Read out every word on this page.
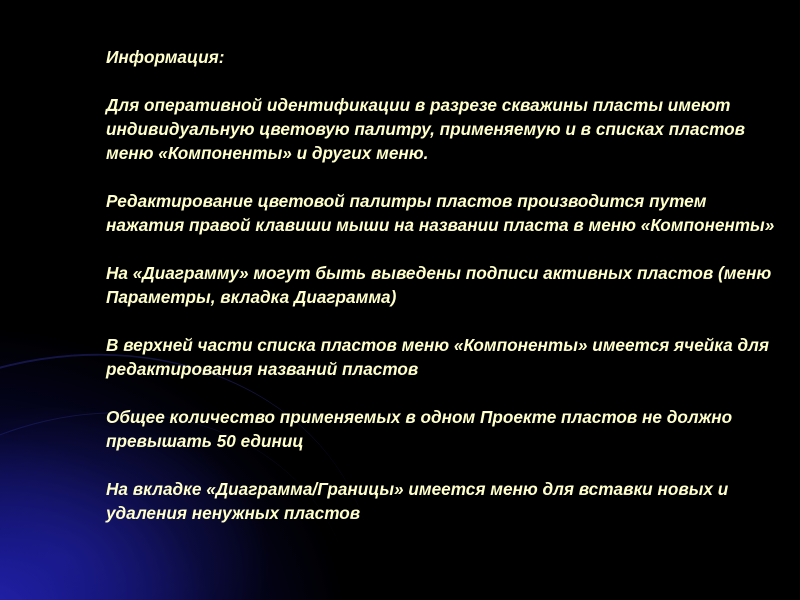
Информация:

Для оперативной идентификации в разрезе скважины пласты имеют индивидуальную цветовую палитру, применяемую и в списках пластов меню «Компоненты» и других меню.

Редактирование цветовой палитры пластов производится путем нажатия правой клавиши мыши на названии пласта в меню «Компоненты»

На «Диаграмму» могут быть выведены подписи активных пластов (меню Параметры, вкладка Диаграмма)

В верхней части списка пластов меню «Компоненты» имеется ячейка для редактирования названий пластов

Общее количество применяемых в одном Проекте пластов не должно превышать 50 единиц

На вкладке «Диаграмма/Границы» имеется меню для вставки новых и удаления ненужных пластов
